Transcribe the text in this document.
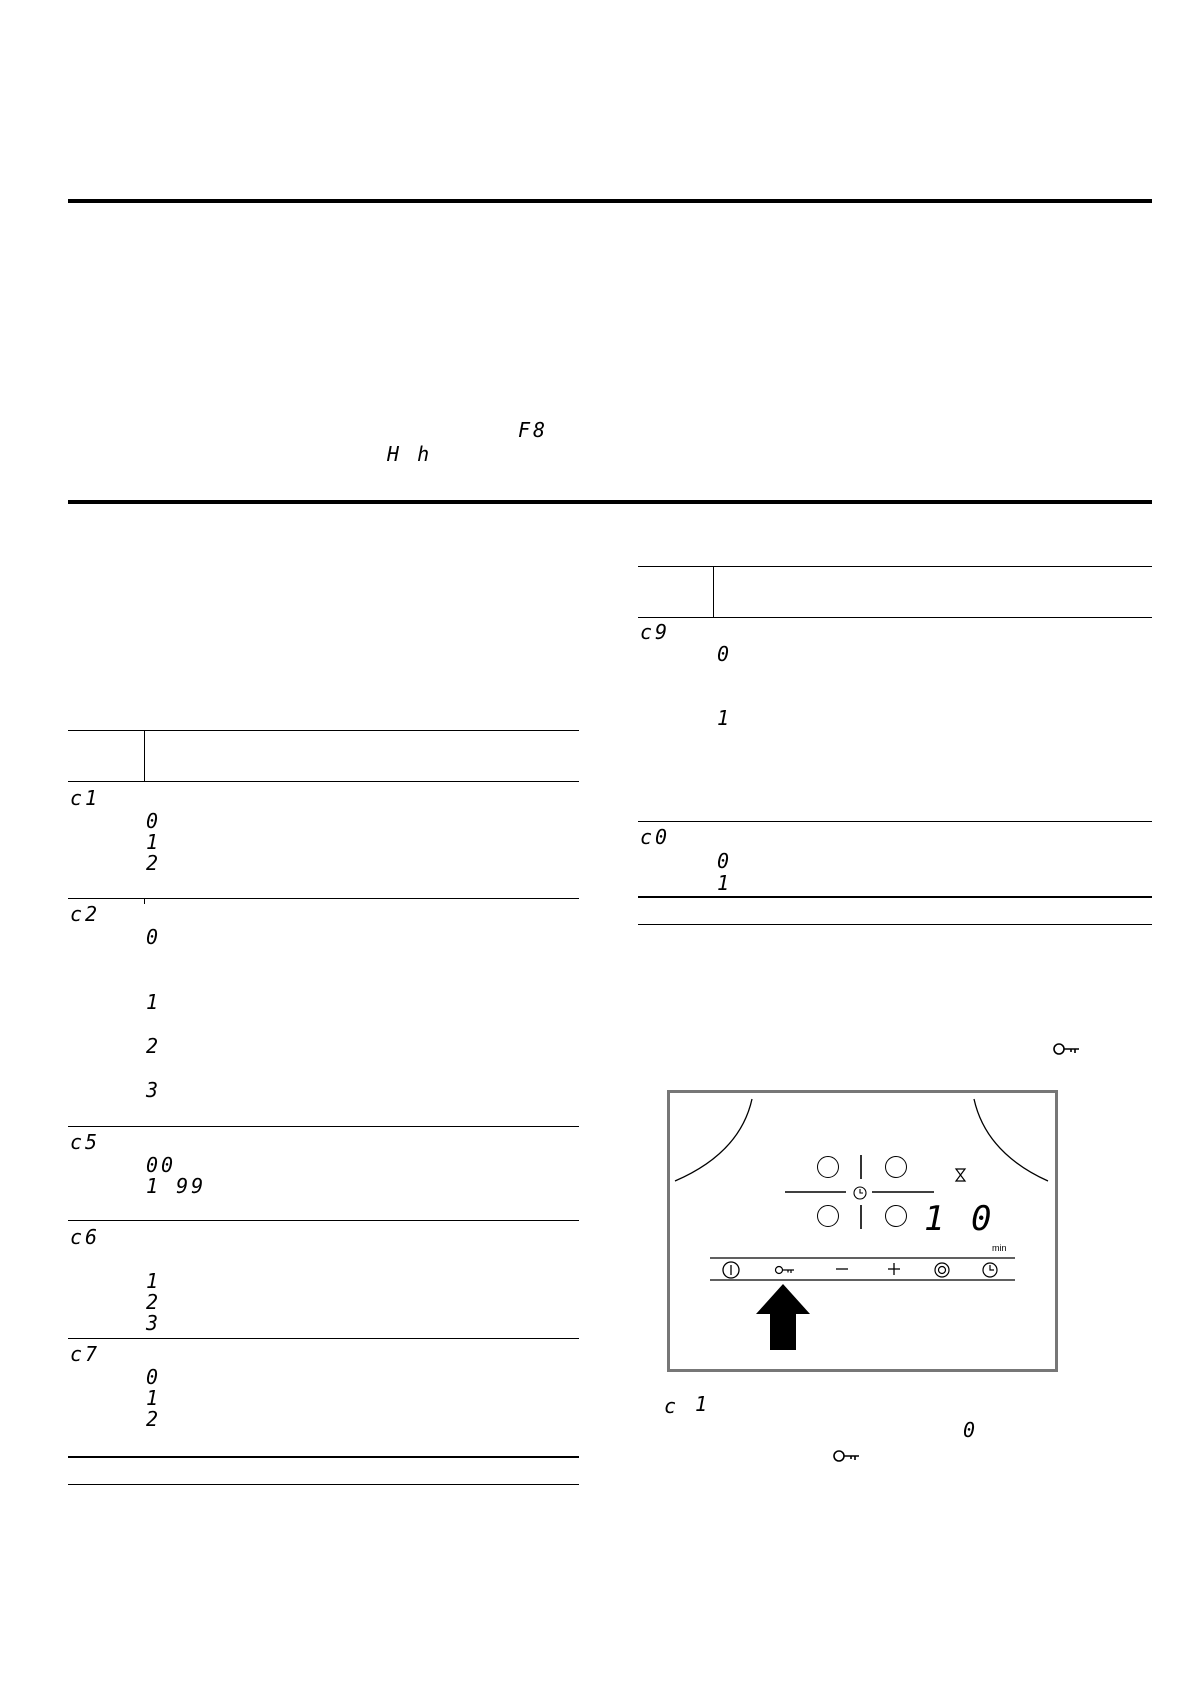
F8
H h
c1
0
1
2
c2
0
1
2
3
c5
00
1 99
c6
1
2
3
c7
0
1
2
c9
0
1
c0
0
1
1 0
min
c 1
0
